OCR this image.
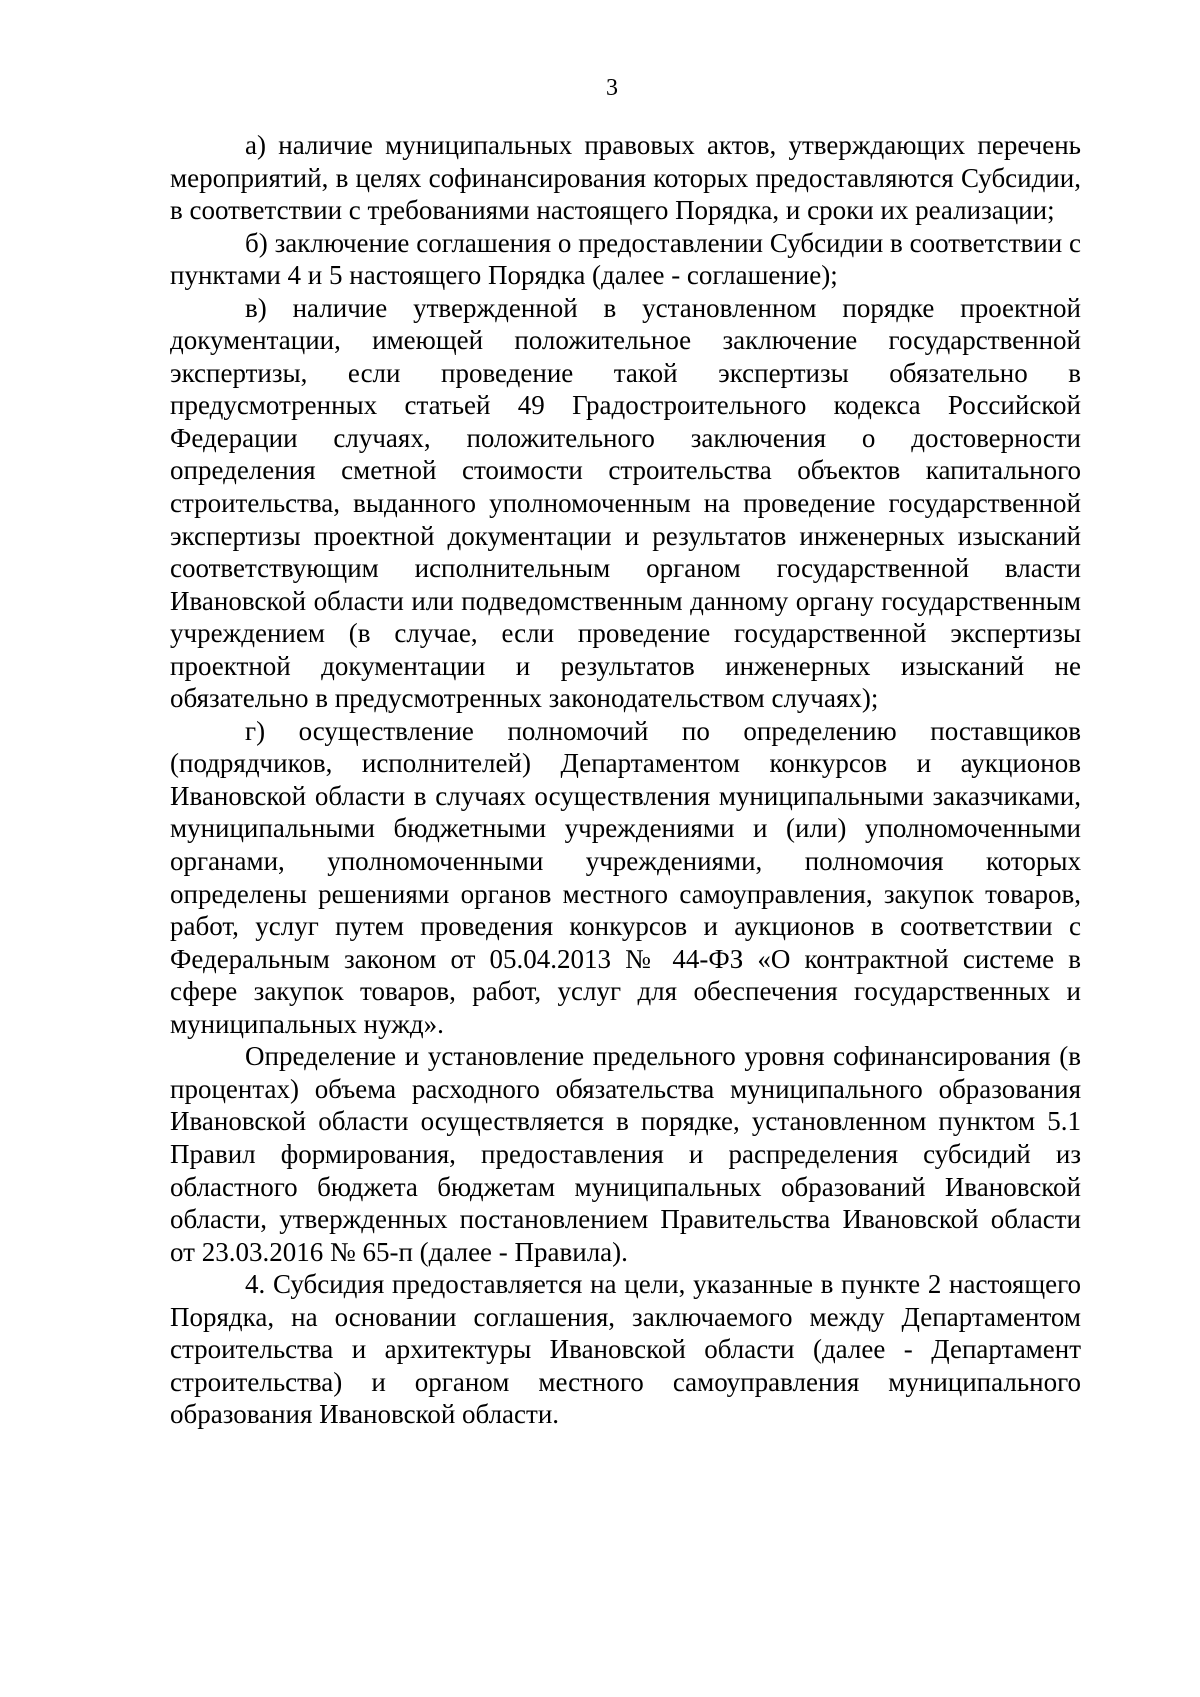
3

а) наличие муниципальных правовых актов, утверждающих перечень мероприятий, в целях софинансирования которых предоставляются Субсидии, в соответствии с требованиями настоящего Порядка, и сроки их реализации;

б) заключение соглашения о предоставлении Субсидии в соответствии с пунктами 4 и 5 настоящего Порядка (далее - соглашение);

в) наличие утвержденной в установленном порядке проектной документации, имеющей положительное заключение государственной экспертизы, если проведение такой экспертизы обязательно в предусмотренных статьей 49 Градостроительного кодекса Российской Федерации случаях, положительного заключения о достоверности определения сметной стоимости строительства объектов капитального строительства, выданного уполномоченным на проведение государственной экспертизы проектной документации и результатов инженерных изысканий соответствующим исполнительным органом государственной власти Ивановской области или подведомственным данному органу государственным учреждением (в случае, если проведение государственной экспертизы проектной документации и результатов инженерных изысканий не обязательно в предусмотренных законодательством случаях);

г) осуществление полномочий по определению поставщиков (подрядчиков, исполнителей) Департаментом конкурсов и аукционов Ивановской области в случаях осуществления муниципальными заказчиками, муниципальными бюджетными учреждениями и (или) уполномоченными органами, уполномоченными учреждениями, полномочия которых определены решениями органов местного самоуправления, закупок товаров, работ, услуг путем проведения конкурсов и аукционов в соответствии с Федеральным законом от 05.04.2013 № 44-ФЗ «О контрактной системе в сфере закупок товаров, работ, услуг для обеспечения государственных и муниципальных нужд».

Определение и установление предельного уровня софинансирования (в процентах) объема расходного обязательства муниципального образования Ивановской области осуществляется в порядке, установленном пунктом 5.1 Правил формирования, предоставления и распределения субсидий из областного бюджета бюджетам муниципальных образований Ивановской области, утвержденных постановлением Правительства Ивановской области от 23.03.2016 № 65-п (далее - Правила).

4. Субсидия предоставляется на цели, указанные в пункте 2 настоящего Порядка, на основании соглашения, заключаемого между Департаментом строительства и архитектуры Ивановской области (далее - Департамент строительства) и органом местного самоуправления муниципального образования Ивановской области.
